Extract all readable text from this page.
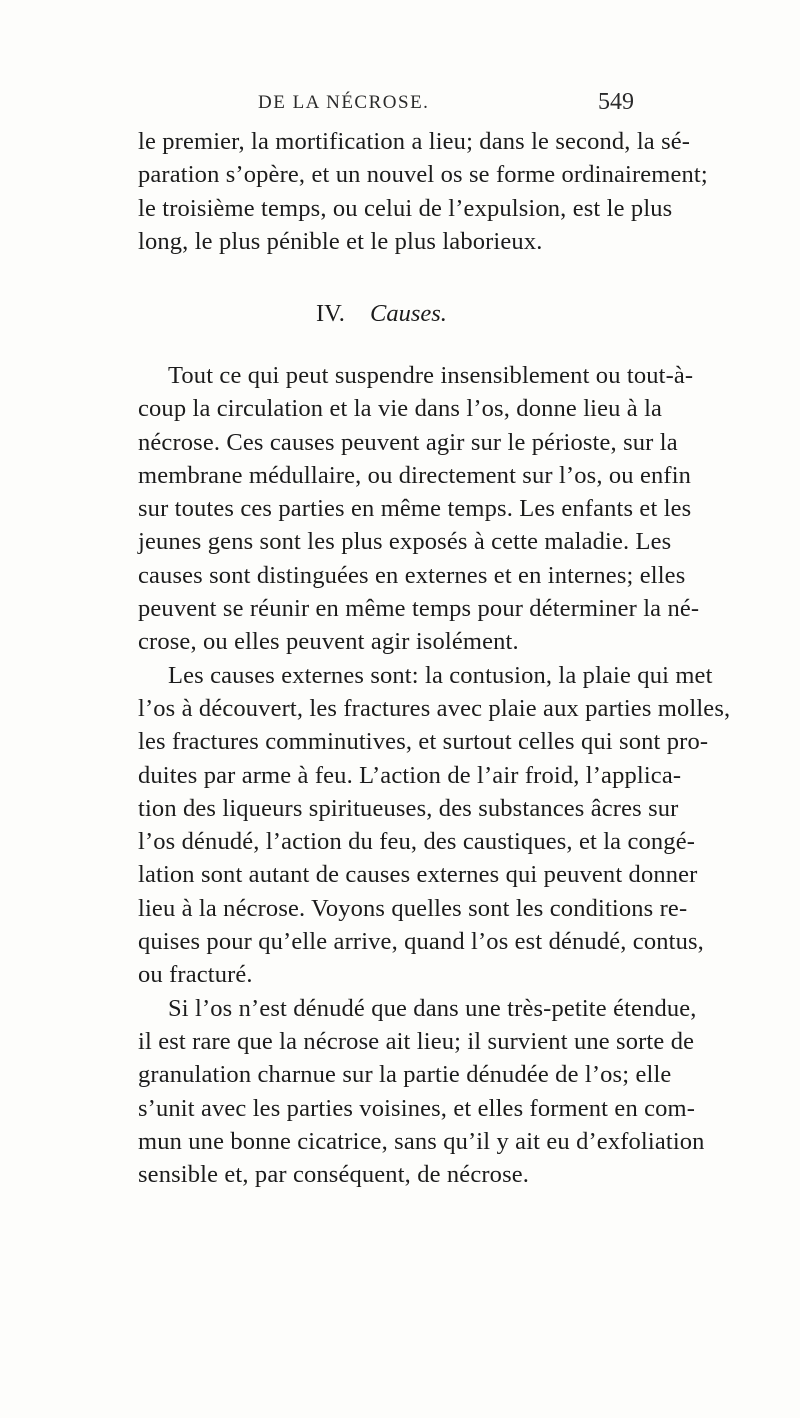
DE LA NÉCROSE.	549
le premier, la mortification a lieu; dans le second, la sé-
paration s’opère, et un nouvel os se forme ordinairement;
le troisième temps, ou celui de l’expulsion, est le plus
long, le plus pénible et le plus laborieux.
IV. Causes.
Tout ce qui peut suspendre insensiblement ou tout-à-
coup la circulation et la vie dans l’os, donne lieu à la
nécrose. Ces causes peuvent agir sur le périoste, sur la
membrane médullaire, ou directement sur l’os, ou enfin
sur toutes ces parties en même temps. Les enfants et les
jeunes gens sont les plus exposés à cette maladie. Les
causes sont distinguées en externes et en internes; elles
peuvent se réunir en même temps pour déterminer la né-
crose, ou elles peuvent agir isolément.
Les causes externes sont: la contusion, la plaie qui met
l’os à découvert, les fractures avec plaie aux parties molles,
les fractures comminutives, et surtout celles qui sont pro-
duites par arme à feu. L’action de l’air froid, l’applica-
tion des liqueurs spiritueuses, des substances âcres sur
l’os dénudé, l’action du feu, des caustiques, et la congé-
lation sont autant de causes externes qui peuvent donner
lieu à la nécrose. Voyons quelles sont les conditions re-
quises pour qu’elle arrive, quand l’os est dénudé, contus,
ou fracturé.
Si l’os n’est dénudé que dans une très-petite étendue,
il est rare que la nécrose ait lieu; il survient une sorte de
granulation charnue sur la partie dénudée de l’os; elle
s’unit avec les parties voisines, et elles forment en com-
mun une bonne cicatrice, sans qu’il y ait eu d’exfoliation
sensible et, par conséquent, de nécrose.
